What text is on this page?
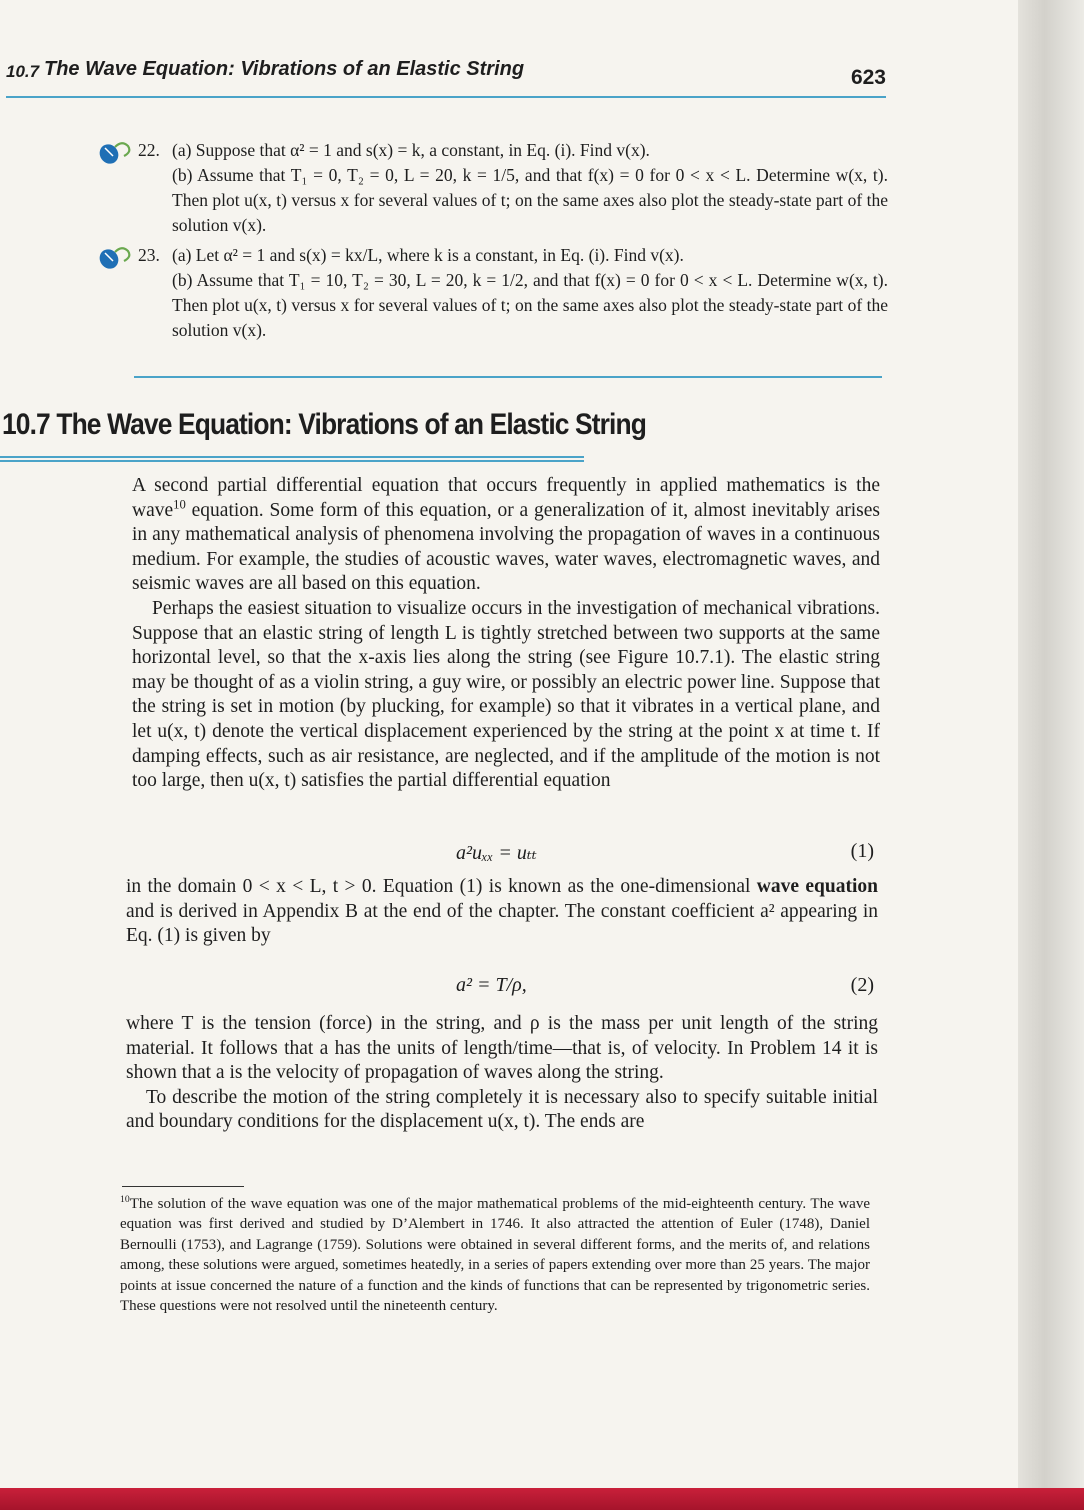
10.7 The Wave Equation: Vibrations of an Elastic String	623
22. (a) Suppose that α² = 1 and s(x) = k, a constant, in Eq. (i). Find v(x).
(b) Assume that T₁ = 0, T₂ = 0, L = 20, k = 1/5, and that f(x) = 0 for 0 < x < L. Determine w(x, t). Then plot u(x, t) versus x for several values of t; on the same axes also plot the steady-state part of the solution v(x).
23. (a) Let α² = 1 and s(x) = kx/L, where k is a constant, in Eq. (i). Find v(x).
(b) Assume that T₁ = 10, T₂ = 30, L = 20, k = 1/2, and that f(x) = 0 for 0 < x < L. Determine w(x, t). Then plot u(x, t) versus x for several values of t; on the same axes also plot the steady-state part of the solution v(x).
10.7 The Wave Equation: Vibrations of an Elastic String

A second partial differential equation that occurs frequently in applied mathematics is the wave$^{10}$ equation. Some form of this equation, or a generalization of it, almost inevitably arises in any mathematical analysis of phenomena involving the propagation of waves in a continuous medium. For example, the studies of acoustic waves, water waves, electromagnetic waves, and seismic waves are all based on this equation.

Perhaps the easiest situation to visualize occurs in the investigation of mechanical vibrations. Suppose that an elastic string of length L is tightly stretched between two supports at the same horizontal level, so that the x-axis lies along the string (see Figure 10.7.1). The elastic string may be thought of as a violin string, a guy wire, or possibly an electric power line. Suppose that the string is set in motion (by plucking, for example) so that it vibrates in a vertical plane, and let u(x, t) denote the vertical displacement experienced by the string at the point x at time t. If damping effects, such as air resistance, are neglected, and if the amplitude of the motion is not too large, then u(x, t) satisfies the partial differential equation

a²uₓₓ = uₜₜ	(1)

in the domain 0 < x < L, t > 0. Equation (1) is known as the one-dimensional wave equation and is derived in Appendix B at the end of the chapter. The constant coefficient a² appearing in Eq. (1) is given by

a² = T/ρ,	(2)

where T is the tension (force) in the string, and ρ is the mass per unit length of the string material. It follows that a has the units of length/time—that is, of velocity. In Problem 14 it is shown that a is the velocity of propagation of waves along the string.

To describe the motion of the string completely it is necessary also to specify suitable initial and boundary conditions for the displacement u(x, t). The ends are

$^{10}$The solution of the wave equation was one of the major mathematical problems of the mid-eighteenth century. The wave equation was first derived and studied by D’Alembert in 1746. It also attracted the attention of Euler (1748), Daniel Bernoulli (1753), and Lagrange (1759). Solutions were obtained in several different forms, and the merits of, and relations among, these solutions were argued, sometimes heatedly, in a series of papers extending over more than 25 years. The major points at issue concerned the nature of a function and the kinds of functions that can be represented by trigonometric series. These questions were not resolved until the nineteenth century.
